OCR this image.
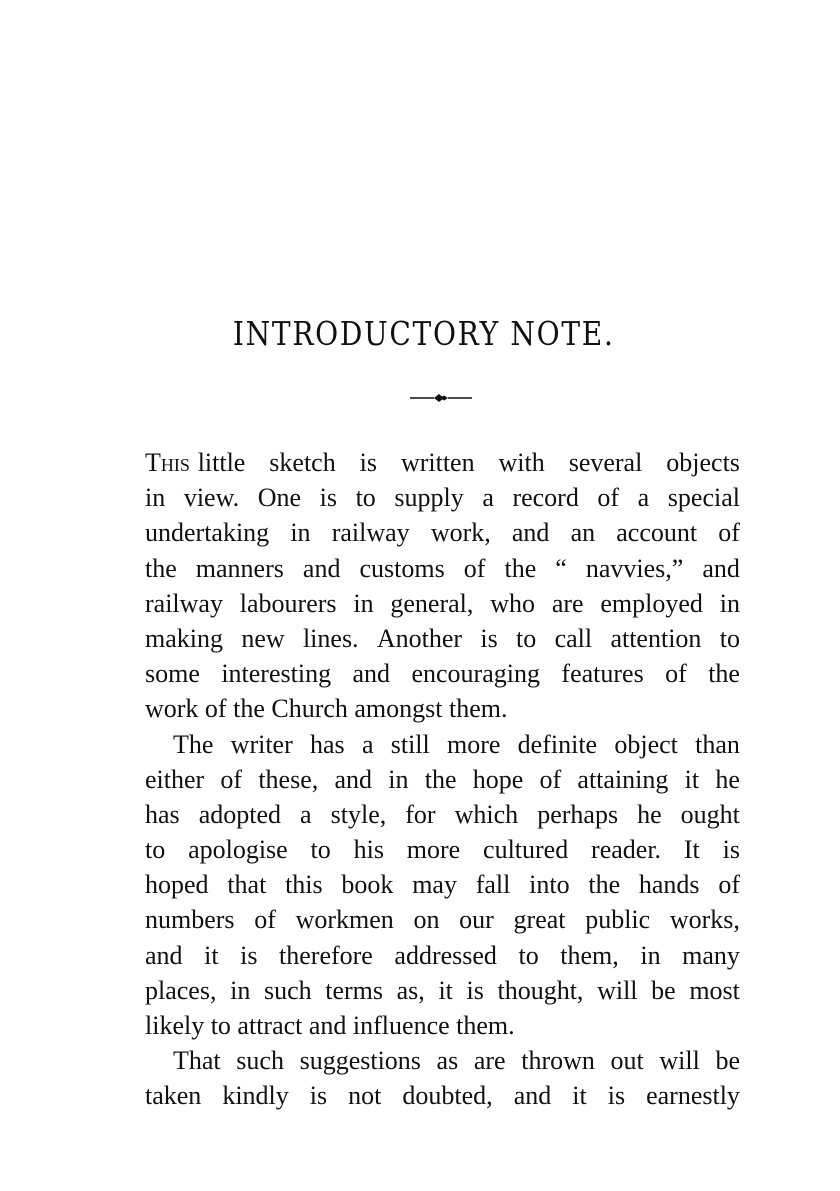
INTRODUCTORY NOTE.
This little sketch is written with several objects
in view. One is to supply a record of a special
undertaking in railway work, and an account of
the manners and customs of the “ navvies,” and
railway labourers in general, who are employed in
making new lines. Another is to call attention to
some interesting and encouraging features of the
work of the Church amongst them.
The writer has a still more definite object than
either of these, and in the hope of attaining it he
has adopted a style, for which perhaps he ought
to apologise to his more cultured reader. It is
hoped that this book may fall into the hands of
numbers of workmen on our great public works,
and it is therefore addressed to them, in many
places, in such terms as, it is thought, will be most
likely to attract and influence them.
That such suggestions as are thrown out will be
taken kindly is not doubted, and it is earnestly
